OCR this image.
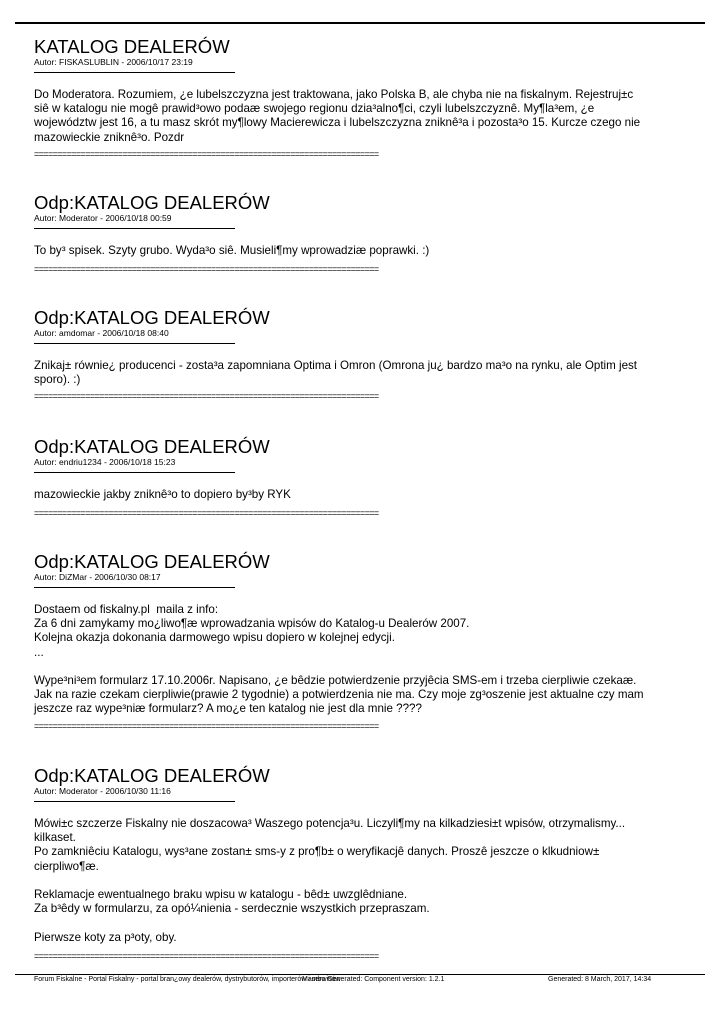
KATALOG DEALERÓW
Autor: FISKASLUBLIN - 2006/10/17 23:19
Do Moderatora. Rozumiem, ¿e lubelszczyzna jest traktowana, jako Polska B, ale chyba nie na fiskalnym. Rejestruj±c
siê w katalogu nie mogê prawid³owo podaæ swojego regionu dzia³alno¶ci, czyli lubelszczyznê. My¶la³em, ¿e
województw jest 16, a tu masz skrót my¶lowy Macierewicza i lubelszczyzna zniknê³a i pozosta³o 15. Kurcze czego nie
mazowieckie zniknê³o. Pozdr
==========================================================================
Odp:KATALOG DEALERÓW
Autor: Moderator - 2006/10/18 00:59
To by³ spisek. Szyty grubo. Wyda³o siê. Musieli¶my wprowadziæ poprawki. :)
==========================================================================
Odp:KATALOG DEALERÓW
Autor: amdomar - 2006/10/18 08:40
Znikaj± równie¿ producenci - zosta³a zapomniana Optima i Omron (Omrona ju¿ bardzo ma³o na rynku, ale Optim jest
sporo). :)
==========================================================================
Odp:KATALOG DEALERÓW
Autor: endriu1234 - 2006/10/18 15:23
mazowieckie jakby zniknê³o to dopiero by³by RYK
==========================================================================
Odp:KATALOG DEALERÓW
Autor: DiZMar - 2006/10/30 08:17
Dostaem od fiskalny.pl  maila z info:
Za 6 dni zamykamy mo¿liwo¶æ wprowadzania wpisów do Katalog-u Dealerów 2007.
Kolejna okazja dokonania darmowego wpisu dopiero w kolejnej edycji.
...

Wype³ni³em formularz 17.10.2006r. Napisano, ¿e bêdzie potwierdzenie przyjêcia SMS-em i trzeba cierpliwie czekaæ.
Jak na razie czekam cierpliwie(prawie 2 tygodnie) a potwierdzenia nie ma. Czy moje zg³oszenie jest aktualne czy mam
jeszcze raz wype³niæ formularz? A mo¿e ten katalog nie jest dla mnie ????
==========================================================================
Odp:KATALOG DEALERÓW
Autor: Moderator - 2006/10/30 11:16
Mówi±c szczerze Fiskalny nie doszacowa³ Waszego potencja³u. Liczyli¶my na kilkadziesi±t wpisów, otrzymalismy...
kilkaset.
Po zamkniêciu Katalogu, wys³ane zostan± sms-y z pro¶b± o weryfikacjê danych. Proszê jeszcze o klkudniow±
cierpliwo¶æ.

Reklamacje ewentualnego braku wpisu w katalogu - bêd± uwzglêdniane.
Za b³êdy w formularzu, za opó¼nienia - serdecznie wszystkich przepraszam.

Pierwsze koty za p³oty, oby.
==========================================================================
Forum Fiskalne - Portal Fiskalny - portal bran¿owy dealerów, dystrybutorów, importerów i serwisów
Mambo Generated: Component version: 1.2.1	Generated: 8 March, 2017, 14:34
